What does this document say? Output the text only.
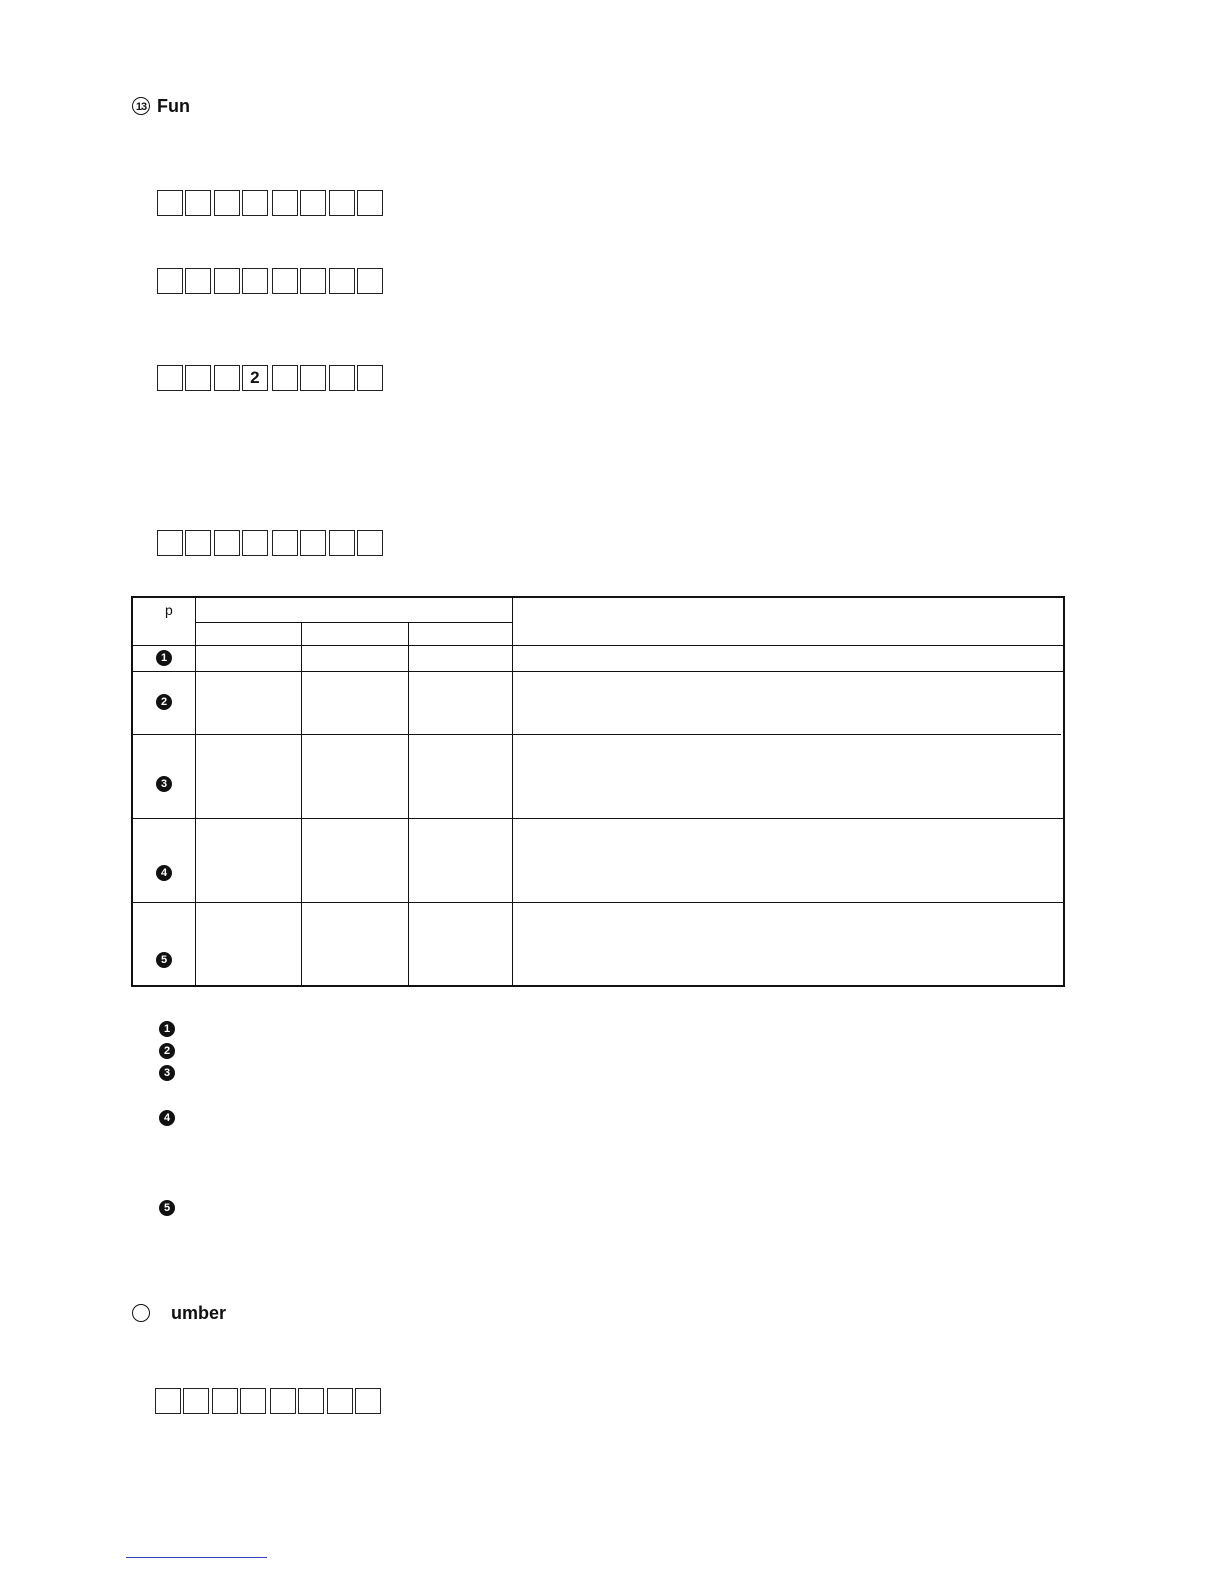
13 Fun
2
p
1
2
3
4
5
1
2
3
4
5
umber
